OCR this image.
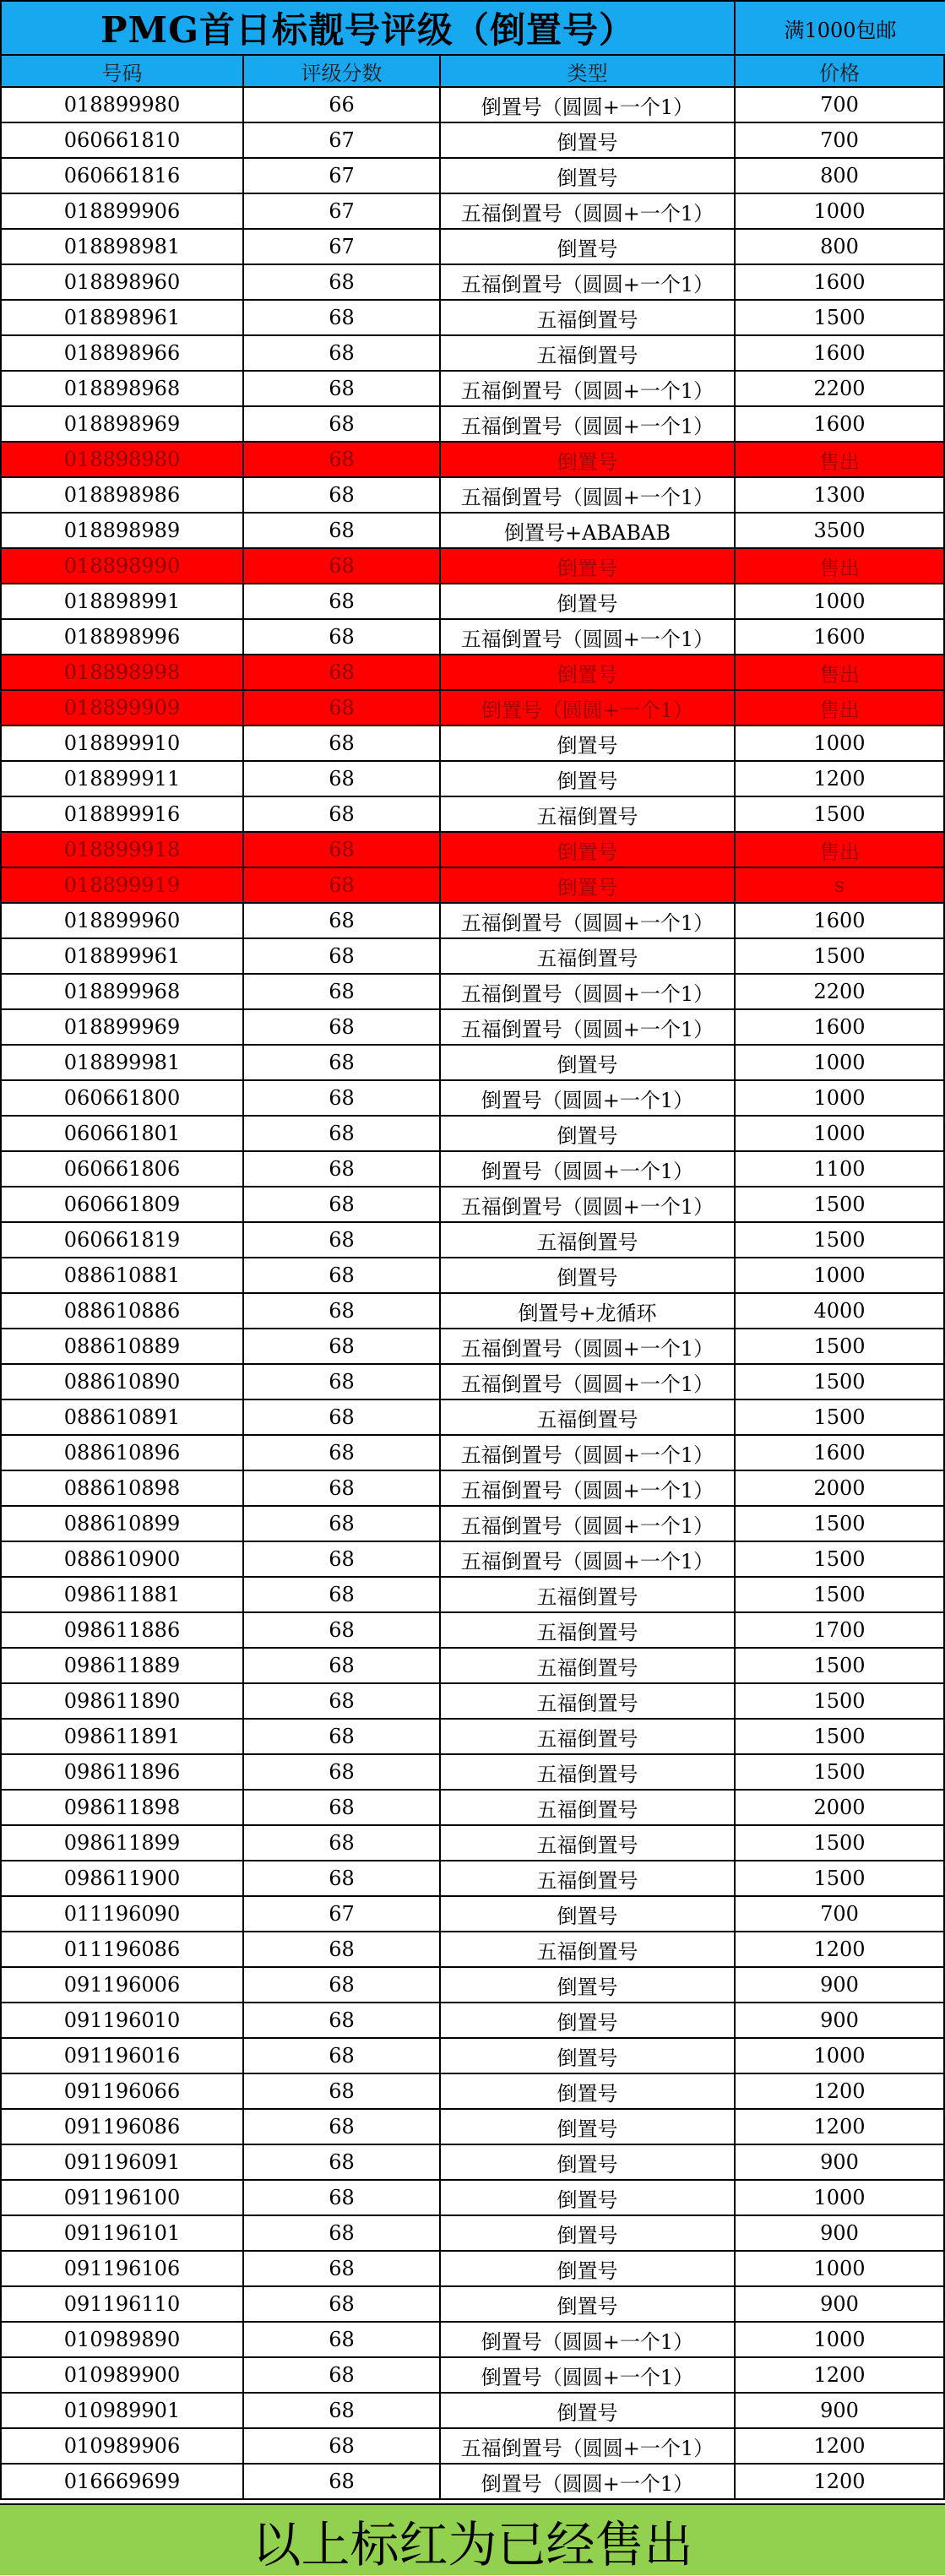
PMG首日标靓号评级（倒置号）	满1000包邮
号码	评级分数	类型	价格
018899980	66	倒置号（圆圆+一个1）	700
060661810	67	倒置号	700
060661816	67	倒置号	800
018899906	67	五福倒置号（圆圆+一个1）	1000
018898981	67	倒置号	800
018898960	68	五福倒置号（圆圆+一个1）	1600
018898961	68	五福倒置号	1500
018898966	68	五福倒置号	1600
018898968	68	五福倒置号（圆圆+一个1）	2200
018898969	68	五福倒置号（圆圆+一个1）	1600
018898980	68	倒置号	售出
018898986	68	五福倒置号（圆圆+一个1）	1300
018898989	68	倒置号+ABABAB	3500
018898990	68	倒置号	售出
018898991	68	倒置号	1000
018898996	68	五福倒置号（圆圆+一个1）	1600
018898998	68	倒置号	售出
018899909	68	倒置号（圆圆+一个1）	售出
018899910	68	倒置号	1000
018899911	68	倒置号	1200
018899916	68	五福倒置号	1500
018899918	68	倒置号	售出
018899919	68	倒置号	s
018899960	68	五福倒置号（圆圆+一个1）	1600
018899961	68	五福倒置号	1500
018899968	68	五福倒置号（圆圆+一个1）	2200
018899969	68	五福倒置号（圆圆+一个1）	1600
018899981	68	倒置号	1000
060661800	68	倒置号（圆圆+一个1）	1000
060661801	68	倒置号	1000
060661806	68	倒置号（圆圆+一个1）	1100
060661809	68	五福倒置号（圆圆+一个1）	1500
060661819	68	五福倒置号	1500
088610881	68	倒置号	1000
088610886	68	倒置号+龙循环	4000
088610889	68	五福倒置号（圆圆+一个1）	1500
088610890	68	五福倒置号（圆圆+一个1）	1500
088610891	68	五福倒置号	1500
088610896	68	五福倒置号（圆圆+一个1）	1600
088610898	68	五福倒置号（圆圆+一个1）	2000
088610899	68	五福倒置号（圆圆+一个1）	1500
088610900	68	五福倒置号（圆圆+一个1）	1500
098611881	68	五福倒置号	1500
098611886	68	五福倒置号	1700
098611889	68	五福倒置号	1500
098611890	68	五福倒置号	1500
098611891	68	五福倒置号	1500
098611896	68	五福倒置号	1500
098611898	68	五福倒置号	2000
098611899	68	五福倒置号	1500
098611900	68	五福倒置号	1500
011196090	67	倒置号	700
011196086	68	五福倒置号	1200
091196006	68	倒置号	900
091196010	68	倒置号	900
091196016	68	倒置号	1000
091196066	68	倒置号	1200
091196086	68	倒置号	1200
091196091	68	倒置号	900
091196100	68	倒置号	1000
091196101	68	倒置号	900
091196106	68	倒置号	1000
091196110	68	倒置号	900
010989890	68	倒置号（圆圆+一个1）	1000
010989900	68	倒置号（圆圆+一个1）	1200
010989901	68	倒置号	900
010989906	68	五福倒置号（圆圆+一个1）	1200
016669699	68	倒置号（圆圆+一个1）	1200
以上标红为已经售出
